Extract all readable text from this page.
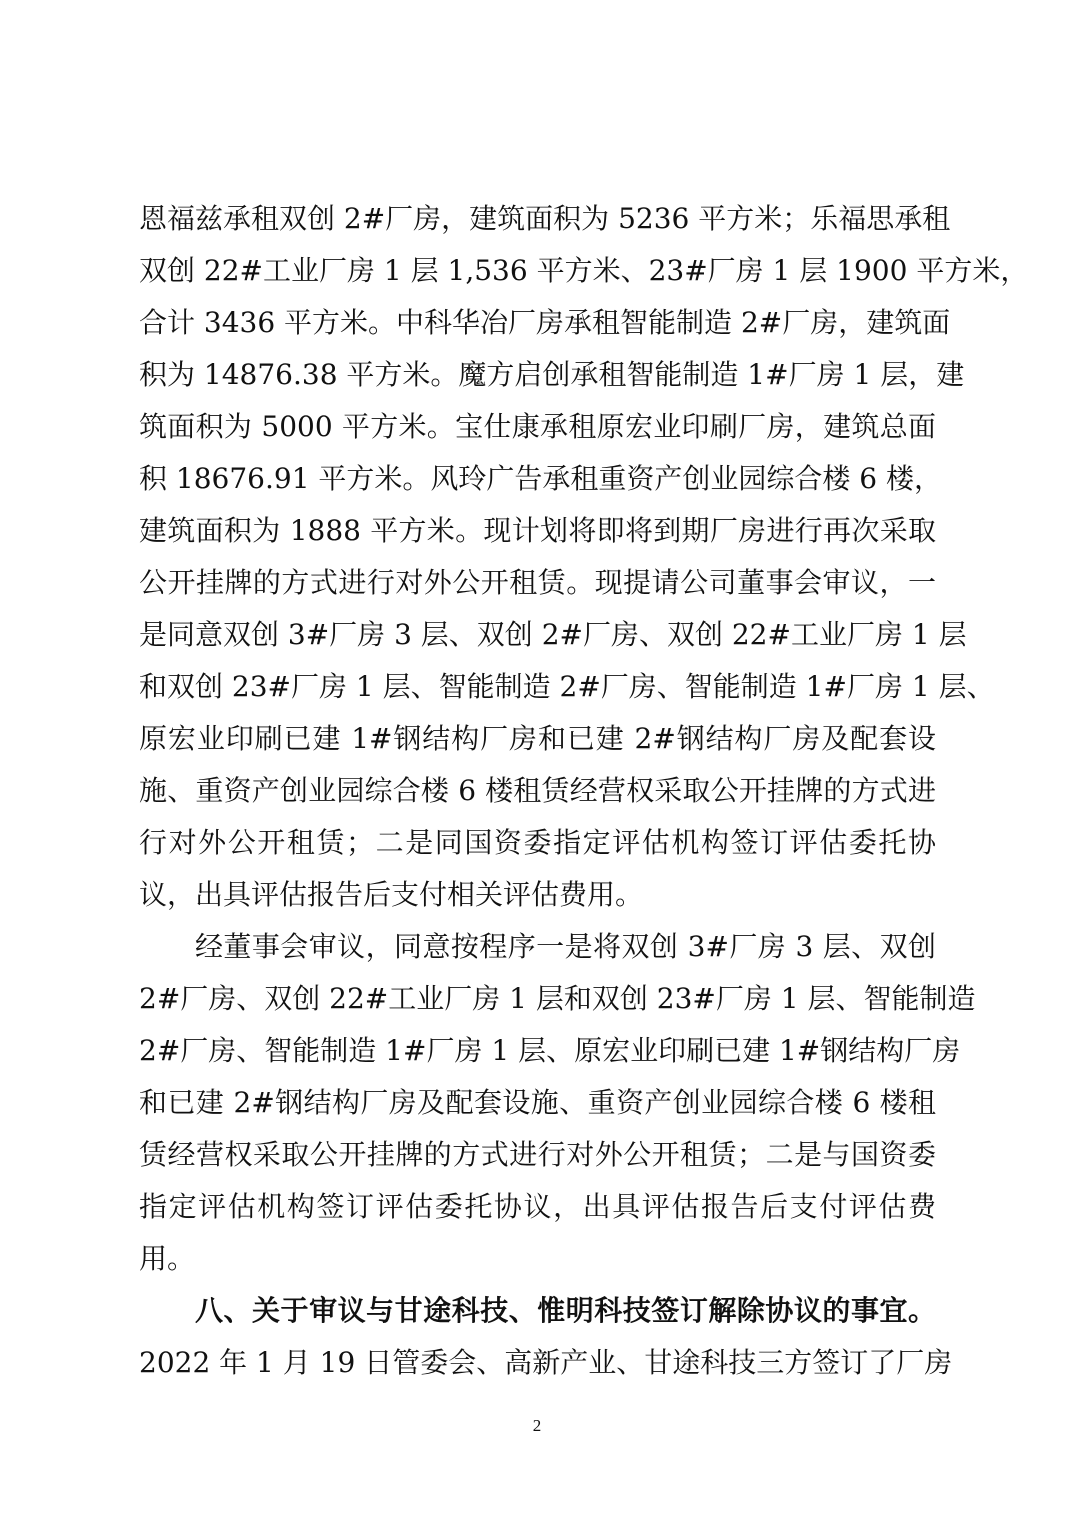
恩福兹承租双创 2#厂房，建筑面积为 5236 平方米；乐福思承租
双创 22#工业厂房 1 层 1,536 平方米、23#厂房 1 层 1900 平方米，
合计 3436 平方米。中科华冶厂房承租智能制造 2#厂房，建筑面
积为 14876.38 平方米。魔方启创承租智能制造 1#厂房 1 层，建
筑面积为 5000 平方米。宝仕康承租原宏业印刷厂房，建筑总面
积 18676.91 平方米。风玲广告承租重资产创业园综合楼 6 楼，
建筑面积为 1888 平方米。现计划将即将到期厂房进行再次采取
公开挂牌的方式进行对外公开租赁。现提请公司董事会审议，一
是同意双创 3#厂房 3 层、双创 2#厂房、双创 22#工业厂房 1 层
和双创 23#厂房 1 层、智能制造 2#厂房、智能制造 1#厂房 1 层、
原宏业印刷已建 1#钢结构厂房和已建 2#钢结构厂房及配套设
施、重资产创业园综合楼 6 楼租赁经营权采取公开挂牌的方式进
行对外公开租赁；二是同国资委指定评估机构签订评估委托协
议，出具评估报告后支付相关评估费用。
经董事会审议，同意按程序一是将双创 3#厂房 3 层、双创
2#厂房、双创 22#工业厂房 1 层和双创 23#厂房 1 层、智能制造
2#厂房、智能制造 1#厂房 1 层、原宏业印刷已建 1#钢结构厂房
和已建 2#钢结构厂房及配套设施、重资产创业园综合楼 6 楼租
赁经营权采取公开挂牌的方式进行对外公开租赁；二是与国资委
指定评估机构签订评估委托协议，出具评估报告后支付评估费
用。
八、关于审议与甘途科技、惟明科技签订解除协议的事宜。
2022 年 1 月 19 日管委会、高新产业、甘途科技三方签订了厂房
2
